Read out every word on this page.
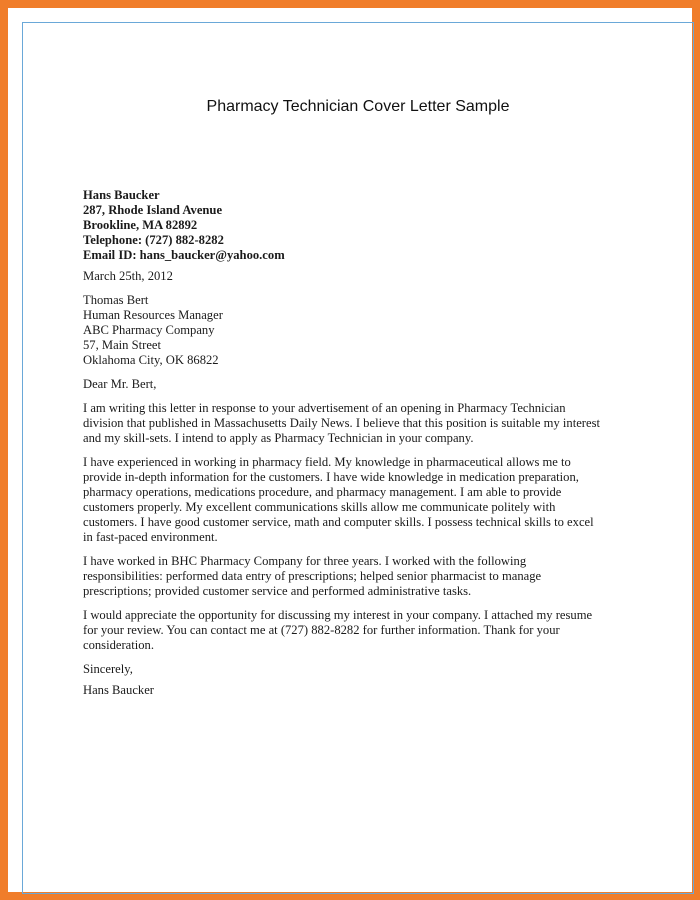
Pharmacy Technician Cover Letter Sample
Hans Baucker
287, Rhode Island Avenue
Brookline, MA 82892
Telephone: (727) 882-8282
Email ID: hans_baucker@yahoo.com
March 25th, 2012
Thomas Bert
Human Resources Manager
ABC Pharmacy Company
57, Main Street
Oklahoma City, OK 86822
Dear Mr. Bert,
I am writing this letter in response to your advertisement of an opening in Pharmacy Technician
division that published in Massachusetts Daily News. I believe that this position is suitable my interest
and my skill-sets. I intend to apply as Pharmacy Technician in your company.
I have experienced in working in pharmacy field. My knowledge in pharmaceutical allows me to
provide in-depth information for the customers. I have wide knowledge in medication preparation,
pharmacy operations, medications procedure, and pharmacy management. I am able to provide
customers properly. My excellent communications skills allow me communicate politely with
customers. I have good customer service, math and computer skills. I possess technical skills to excel
in fast-paced environment.
I have worked in BHC Pharmacy Company for three years. I worked with the following
responsibilities: performed data entry of prescriptions; helped senior pharmacist to manage
prescriptions; provided customer service and performed administrative tasks.
I would appreciate the opportunity for discussing my interest in your company. I attached my resume
for your review. You can contact me at (727) 882-8282 for further information. Thank for your
consideration.
Sincerely,
Hans Baucker
